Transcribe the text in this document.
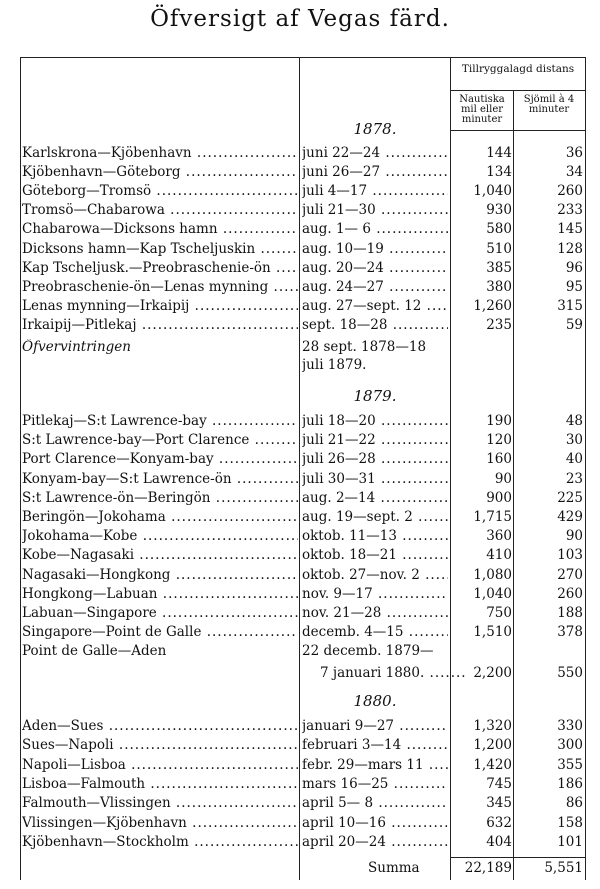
Öfversigt af Vegas färd.
Tillryggalagd distans
Nautiska mil eller minuter
Sjömil à 4 minuter
1878.
1879.
1880.
Karlskrona—Kjöbenhavn .....	juni 22—24 .....	144	36
Kjöbenhavn—Göteborg .....	juni 26—27 .....	134	34
Göteborg—Tromsö .....	juli 4—17 .....	1,040	260
Tromsö—Chabarowa .....	juli 21—30 .....	930	233
Chabarowa—Dicksons hamn .....	aug. 1— 6 .....	580	145
Dicksons hamn—Kap Tscheljuskin .....	aug. 10—19 .....	510	128
Kap Tscheljusk.—Preobraschenie-ön .....	aug. 20—24 .....	385	96
Preobraschenie-ön—Lenas mynning .....	aug. 24—27 .....	380	95
Lenas mynning—Irkaipij .....	aug. 27—sept. 12 .....	1,260	315
Irkaipij—Pitlekaj .....	sept. 18—28 .....	235	59
Öfvervintringen	28 sept. 1878—18
juli 1879.
Pitlekaj—S:t Lawrence-bay .....	juli 18—20 .....	190	48
S:t Lawrence-bay—Port Clarence .....	juli 21—22 .....	120	30
Port Clarence—Konyam-bay .....	juli 26—28 .....	160	40
Konyam-bay—S:t Lawrence-ön .....	juli 30—31 .....	90	23
S:t Lawrence-ön—Beringön .....	aug. 2—14 .....	900	225
Beringön—Jokohama .....	aug. 19—sept. 2 .....	1,715	429
Jokohama—Kobe .....	oktob. 11—13 .....	360	90
Kobe—Nagasaki .....	oktob. 18—21 .....	410	103
Nagasaki—Hongkong .....	oktob. 27—nov. 2 .....	1,080	270
Hongkong—Labuan .....	nov. 9—17 .....	1,040	260
Labuan—Singapore .....	nov. 21—28 .....	750	188
Singapore—Point de Galle .....	decemb. 4—15 .....	1,510	378
Point de Galle—Aden	22 decemb. 1879—
7 januari 1880. .....	2,200	550
Aden—Sues .....	januari 9—27 .....	1,320	330
Sues—Napoli .....	februari 3—14 .....	1,200	300
Napoli—Lisboa .....	febr. 29—mars 11 .....	1,420	355
Lisboa—Falmouth .....	mars 16—25 .....	745	186
Falmouth—Vlissingen .....	april 5— 8 .....	345	86
Vlissingen—Kjöbenhavn .....	april 10—16 .....	632	158
Kjöbenhavn—Stockholm .....	april 20—24 .....	404	101
Summa	22,189	5,551
